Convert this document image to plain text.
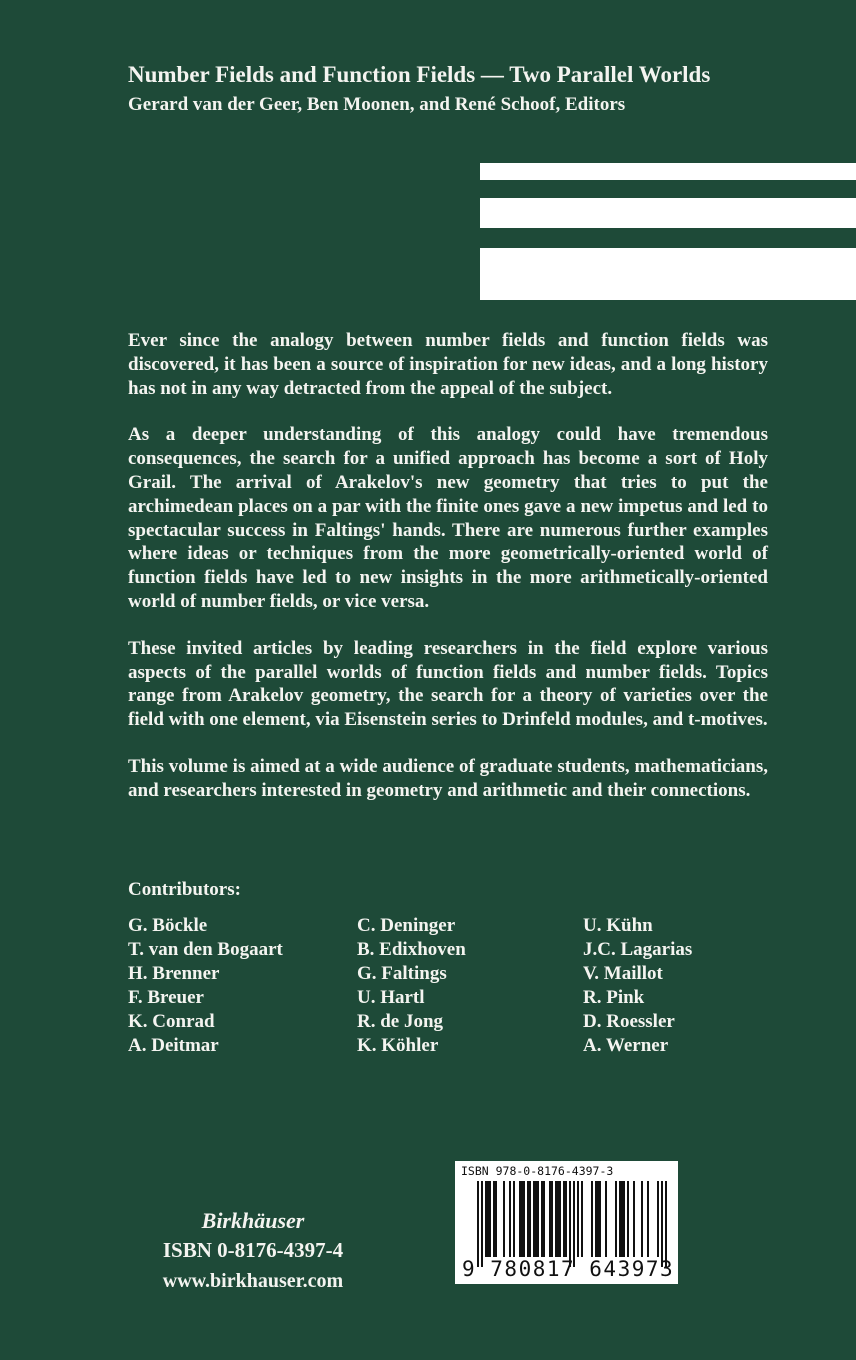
Number Fields and Function Fields — Two Parallel Worlds
Gerard van der Geer, Ben Moonen, and René Schoof, Editors

Ever since the analogy between number fields and function fields was discovered, it has been a source of inspiration for new ideas, and a long history has not in any way detracted from the appeal of the subject.

As a deeper understanding of this analogy could have tremendous consequences, the search for a unified approach has become a sort of Holy Grail. The arrival of Arakelov's new geometry that tries to put the archimedean places on a par with the finite ones gave a new impetus and led to spectacular success in Faltings' hands. There are numerous further examples where ideas or techniques from the more geometrically-oriented world of function fields have led to new insights in the more arithmetically-oriented world of number fields, or vice versa.

These invited articles by leading researchers in the field explore various aspects of the parallel worlds of function fields and number fields. Topics range from Arakelov geometry, the search for a theory of varieties over the field with one element, via Eisenstein series to Drinfeld modules, and t-motives.

This volume is aimed at a wide audience of graduate students, mathematicians, and researchers interested in geometry and arithmetic and their connections.

Contributors:
G. Böckle
T. van den Bogaart
H. Brenner
F. Breuer
K. Conrad
A. Deitmar
C. Deninger
B. Edixhoven
G. Faltings
U. Hartl
R. de Jong
K. Köhler
U. Kühn
J.C. Lagarias
V. Maillot
R. Pink
D. Roessler
A. Werner
Birkhäuser
ISBN 0-8176-4397-4
www.birkhauser.com
ISBN 978-0-8176-4397-3
9 780817 643973
